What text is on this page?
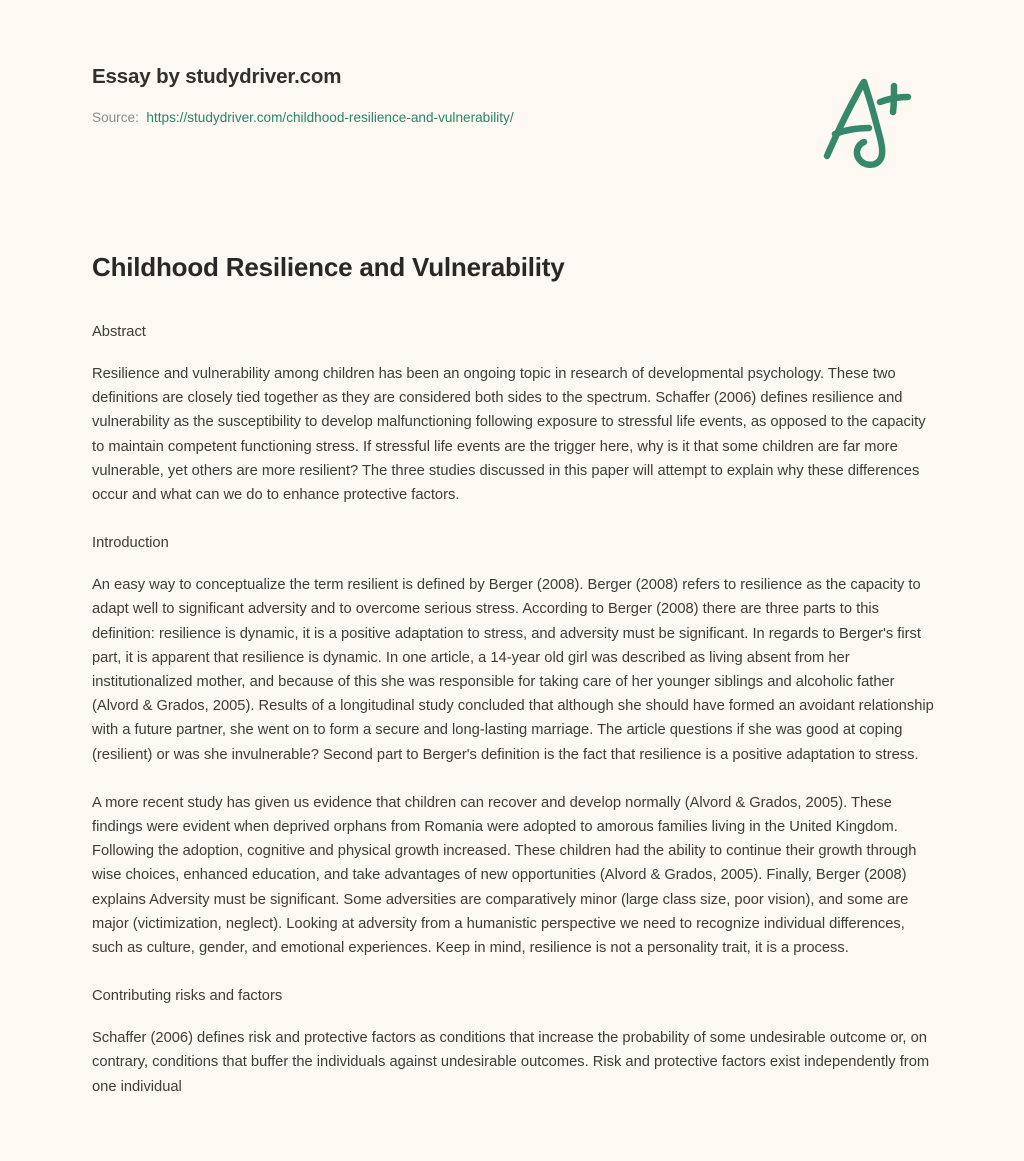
Essay by studydriver.com
Source: https://studydriver.com/childhood-resilience-and-vulnerability/
Childhood Resilience and Vulnerability
Abstract

Resilience and vulnerability among children has been an ongoing topic in research of developmental psychology. These two definitions are closely tied together as they are considered both sides to the spectrum. Schaffer (2006) defines resilience and vulnerability as the susceptibility to develop malfunctioning following exposure to stressful life events, as opposed to the capacity to maintain competent functioning stress. If stressful life events are the trigger here, why is it that some children are far more vulnerable, yet others are more resilient? The three studies discussed in this paper will attempt to explain why these differences occur and what can we do to enhance protective factors.

Introduction

An easy way to conceptualize the term resilient is defined by Berger (2008). Berger (2008) refers to resilience as the capacity to adapt well to significant adversity and to overcome serious stress. According to Berger (2008) there are three parts to this definition: resilience is dynamic, it is a positive adaptation to stress, and adversity must be significant. In regards to Berger's first part, it is apparent that resilience is dynamic. In one article, a 14-year old girl was described as living absent from her institutionalized mother, and because of this she was responsible for taking care of her younger siblings and alcoholic father (Alvord & Grados, 2005). Results of a longitudinal study concluded that although she should have formed an avoidant relationship with a future partner, she went on to form a secure and long-lasting marriage. The article questions if she was good at coping (resilient) or was she invulnerable? Second part to Berger's definition is the fact that resilience is a positive adaptation to stress.

A more recent study has given us evidence that children can recover and develop normally (Alvord & Grados, 2005). These findings were evident when deprived orphans from Romania were adopted to amorous families living in the United Kingdom. Following the adoption, cognitive and physical growth increased. These children had the ability to continue their growth through wise choices, enhanced education, and take advantages of new opportunities (Alvord & Grados, 2005). Finally, Berger (2008) explains Adversity must be significant. Some adversities are comparatively minor (large class size, poor vision), and some are major (victimization, neglect). Looking at adversity from a humanistic perspective we need to recognize individual differences, such as culture, gender, and emotional experiences. Keep in mind, resilience is not a personality trait, it is a process.

Contributing risks and factors

Schaffer (2006) defines risk and protective factors as conditions that increase the probability of some undesirable outcome or, on contrary, conditions that buffer the individuals against undesirable outcomes. Risk and protective factors exist independently from one individual
